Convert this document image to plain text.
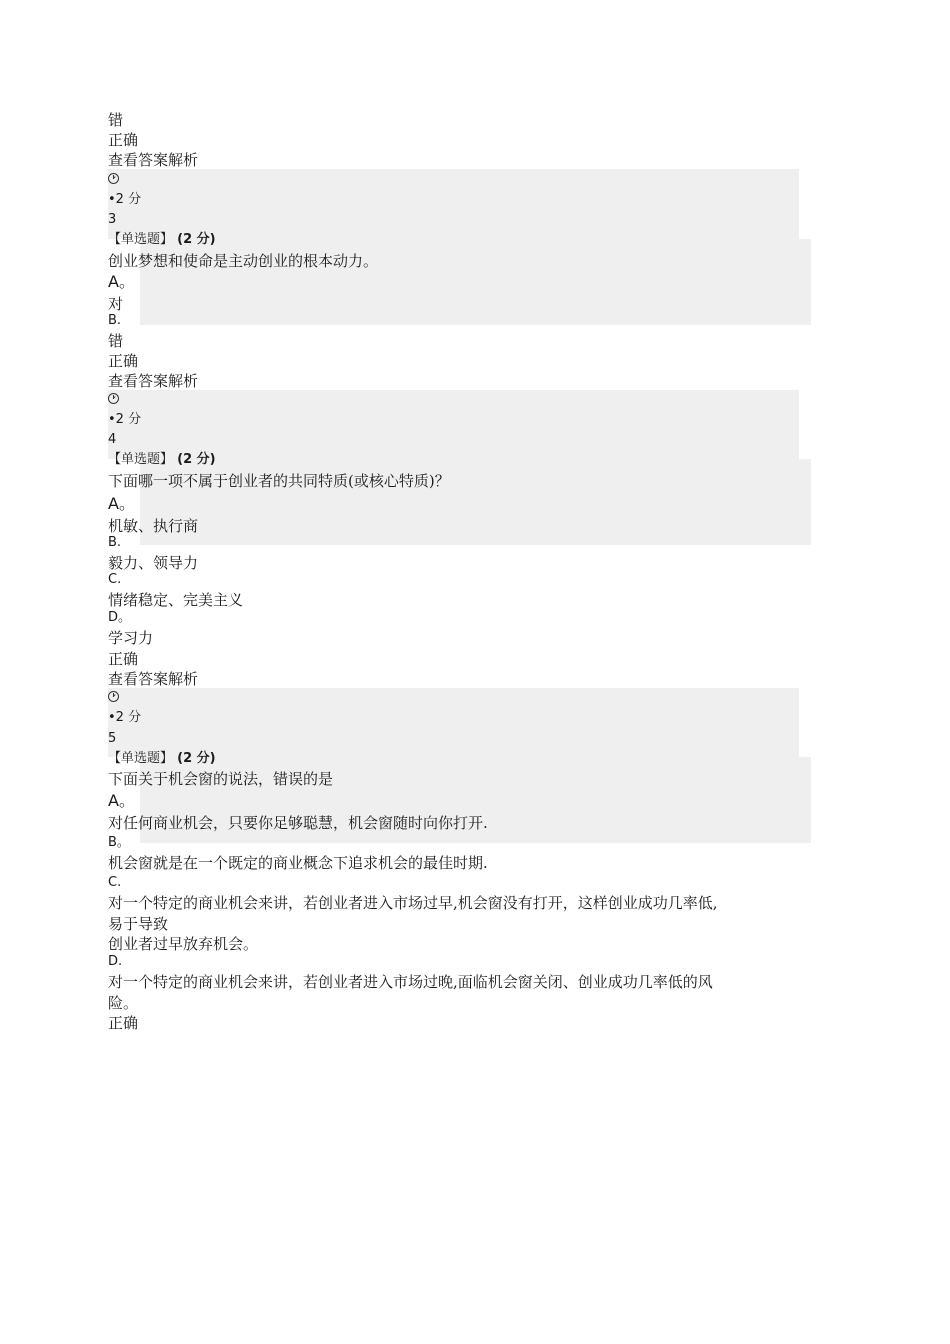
错
正确
查看答案解析
•2 分
3
【单选题】 (2 分)
创业梦想和使命是主动创业的根本动力。
A。
对
B.
错
正确
查看答案解析
•2 分
4
【单选题】 (2 分)
下面哪一项不属于创业者的共同特质(或核心特质)？
A。
机敏、执行商
B.
毅力、领导力
C.
情绪稳定、完美主义
D。
学习力
正确
查看答案解析
•2 分
5
【单选题】 (2 分)
下面关于机会窗的说法，错误的是
A。
对任何商业机会，只要你足够聪慧，机会窗随时向你打开.
B。
机会窗就是在一个既定的商业概念下追求机会的最佳时期.
C.
对一个特定的商业机会来讲，若创业者进入市场过早,机会窗没有打开，这样创业成功几率低,
易于导致
创业者过早放弃机会。
D.
对一个特定的商业机会来讲，若创业者进入市场过晚,面临机会窗关闭、创业成功几率低的风
险。
正确
